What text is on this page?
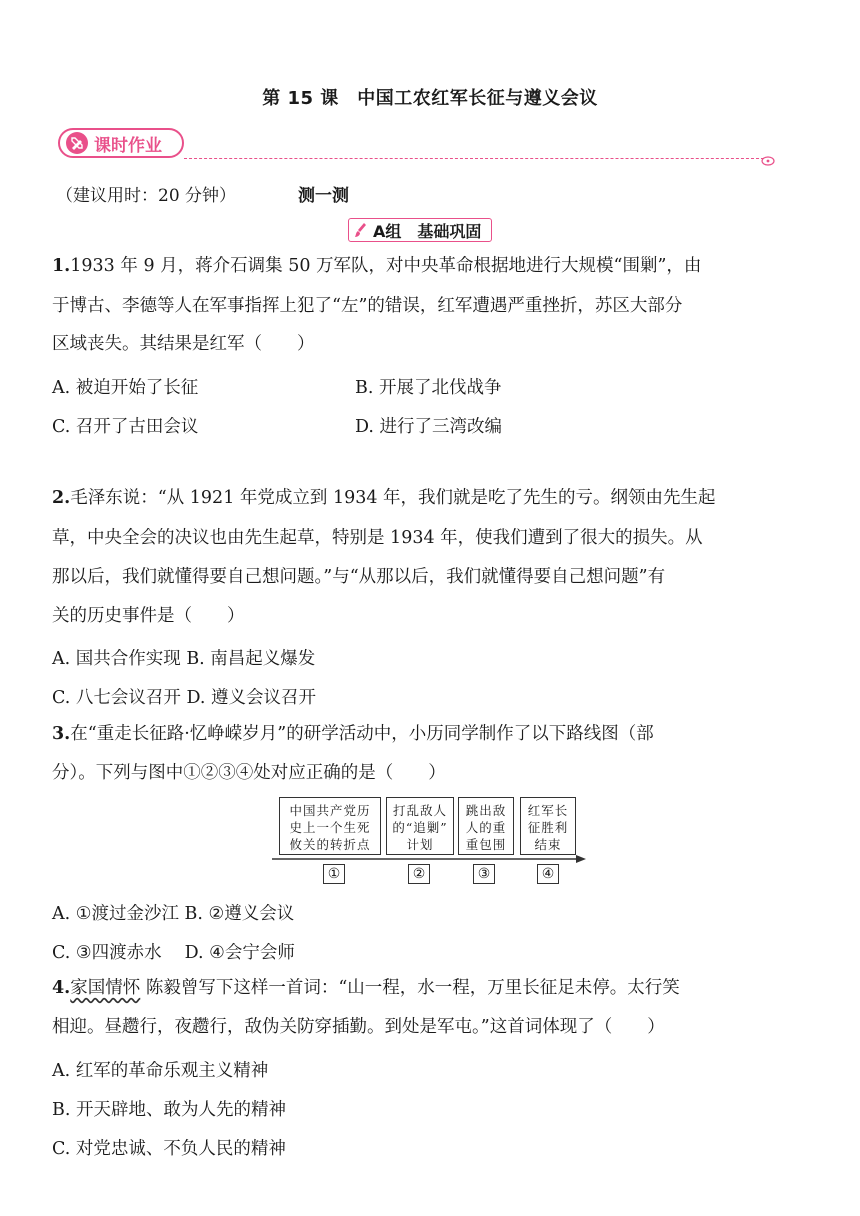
第 15 课　中国工农红军长征与遵义会议
课时作业
（建议用时：20 分钟）	测一测
A组 基础巩固
1.1933 年 9 月，蒋介石调集 50 万军队，对中央革命根据地进行大规模“围剿”，由
于博古、李德等人在军事指挥上犯了“左”的错误，红军遭遇严重挫折，苏区大部分
区域丧失。其结果是红军（　　）
A. 被迫开始了长征	B. 开展了北伐战争
C. 召开了古田会议	D. 进行了三湾改编
2.毛泽东说：“从 1921 年党成立到 1934 年，我们就是吃了先生的亏。纲领由先生起
草，中央全会的决议也由先生起草，特别是 1934 年，使我们遭到了很大的损失。从
那以后，我们就懂得要自己想问题。”与“从那以后，我们就懂得要自己想问题”有
关的历史事件是（　　）
A. 国共合作实现 B. 南昌起义爆发
C. 八七会议召开 D. 遵义会议召开
3.在“重走长征路·忆峥嵘岁月”的研学活动中，小历同学制作了以下路线图（部
分）。下列与图中①②③④处对应正确的是（　　）
中国共产党历
史上一个生死
攸关的转折点
打乱敌人
的“追剿”
计划
跳出敌
人的重
重包围
红军长
征胜利
结束
①	②	③	④
A. ①渡过金沙江 B. ②遵义会议
C. ③四渡赤水　 D. ④会宁会师
4.家国情怀 陈毅曾写下这样一首词：“山一程，水一程，万里长征足未停。太行笑
相迎。昼趱行，夜趱行，敌伪关防穿插勤。到处是军屯。”这首词体现了（　　）
A. 红军的革命乐观主义精神
B. 开天辟地、敢为人先的精神
C. 对党忠诚、不负人民的精神
